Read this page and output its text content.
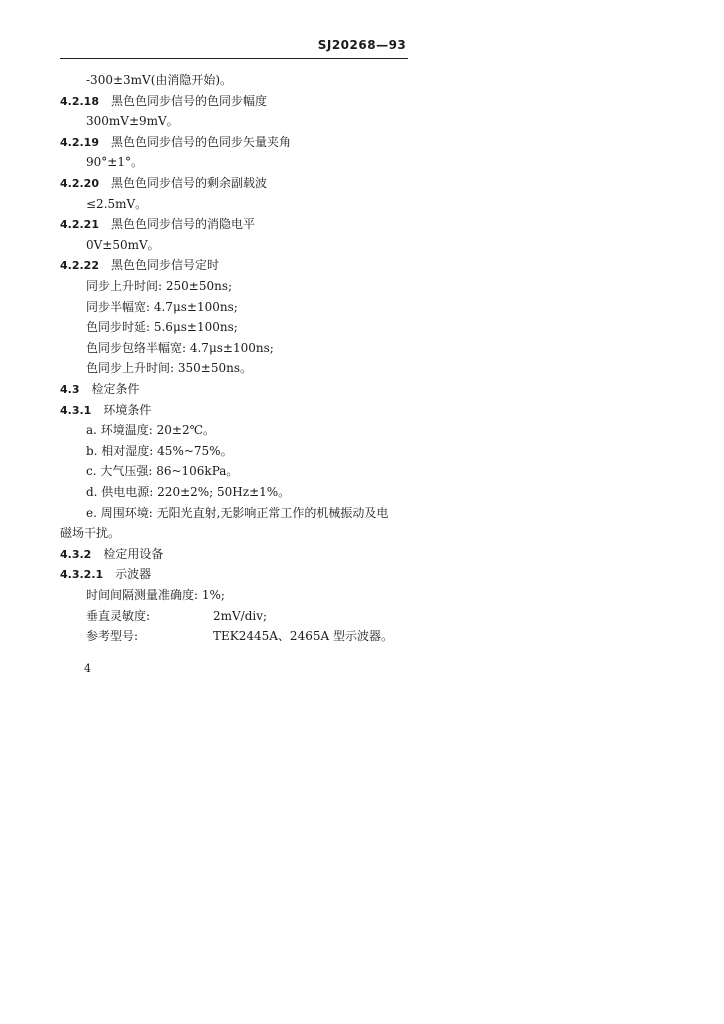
SJ20268—93
-300±3mV(由消隐开始)。
4.2.18 黑色色同步信号的色同步幅度
300mV±9mV。
4.2.19 黑色色同步信号的色同步矢量夹角
90°±1°。
4.2.20 黑色色同步信号的剩余副载波
≤2.5mV。
4.2.21 黑色色同步信号的消隐电平
0V±50mV。
4.2.22 黑色色同步信号定时
同步上升时间: 250±50ns;
同步半幅宽: 4.7μs±100ns;
色同步时延: 5.6μs±100ns;
色同步包络半幅宽: 4.7μs±100ns;
色同步上升时间: 350±50ns。
4.3 检定条件
4.3.1 环境条件
a. 环境温度: 20±2℃。
b. 相对湿度: 45%~75%。
c. 大气压强: 86~106kPa。
d. 供电电源: 220±2%; 50Hz±1%。
e. 周围环境: 无阳光直射,无影响正常工作的机械振动及电
磁场干扰。
4.3.2 检定用设备
4.3.2.1 示波器
时间间隔测量准确度: 1%;
垂直灵敏度:	2mV/div;
参考型号:	TEK2445A、2465A 型示波器。
4
